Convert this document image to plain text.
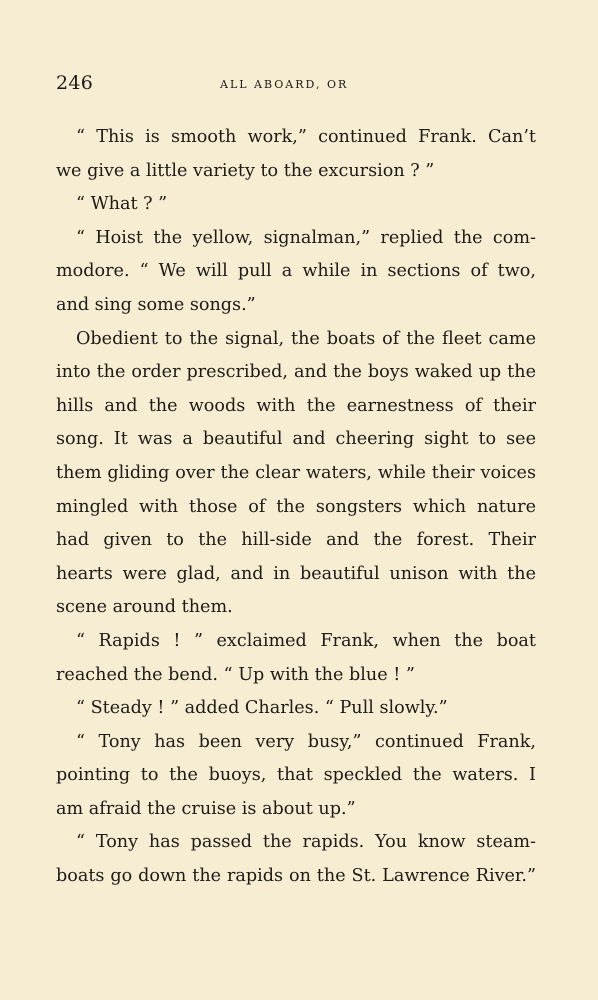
246	ALL ABOARD, OR
“ This is smooth work,” continued Frank. Can’t
we give a little variety to the excursion ? ”
“ What ? ”
“ Hoist the yellow, signalman,” replied the com-
modore. “ We will pull a while in sections of two,
and sing some songs.”
Obedient to the signal, the boats of the fleet came
into the order prescribed, and the boys waked up the
hills and the woods with the earnestness of their
song. It was a beautiful and cheering sight to see
them gliding over the clear waters, while their voices
mingled with those of the songsters which nature
had given to the hill-side and the forest. Their
hearts were glad, and in beautiful unison with the
scene around them.
“ Rapids ! ” exclaimed Frank, when the boat
reached the bend. “ Up with the blue ! ”
“ Steady ! ” added Charles. “ Pull slowly.”
“ Tony has been very busy,” continued Frank,
pointing to the buoys, that speckled the waters. I
am afraid the cruise is about up.”
“ Tony has passed the rapids. You know steam-
boats go down the rapids on the St. Lawrence River.”
